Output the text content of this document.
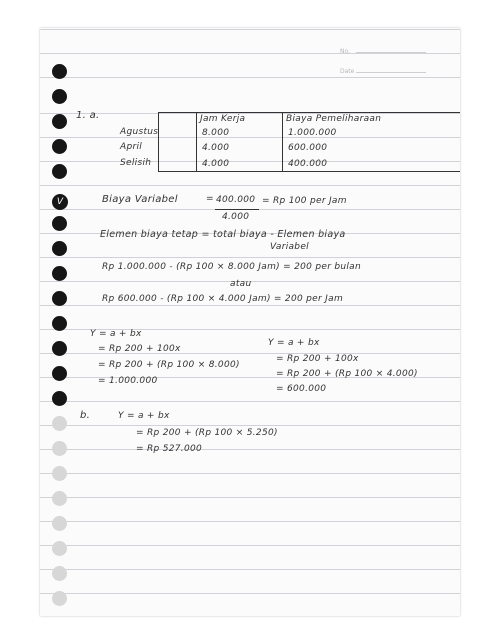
V
No.
Date
1. a.	Jam Kerja	Biaya Pemeliharaan
Agustus	8.000	1.000.000
April	4.000	600.000
Selisih	4.000	400.000
Biaya Variabel	= 400.000
4.000
= Rp 100 per Jam
Elemen biaya tetap = total biaya - Elemen biaya
Variabel
Rp 1.000.000 - (Rp 100 × 8.000 Jam) = 200 per bulan
atau
Rp 600.000 - (Rp 100 × 4.000 Jam) = 200 per Jam
Y = a + bx
= Rp 200 + 100x
= Rp 200 + (Rp 100 × 8.000)
= 1.000.000
Y = a + bx
= Rp 200 + 100x
= Rp 200 + (Rp 100 × 4.000)
= 600.000
b.	Y = a + bx
= Rp 200 + (Rp 100 × 5.250)
= Rp 527.000
